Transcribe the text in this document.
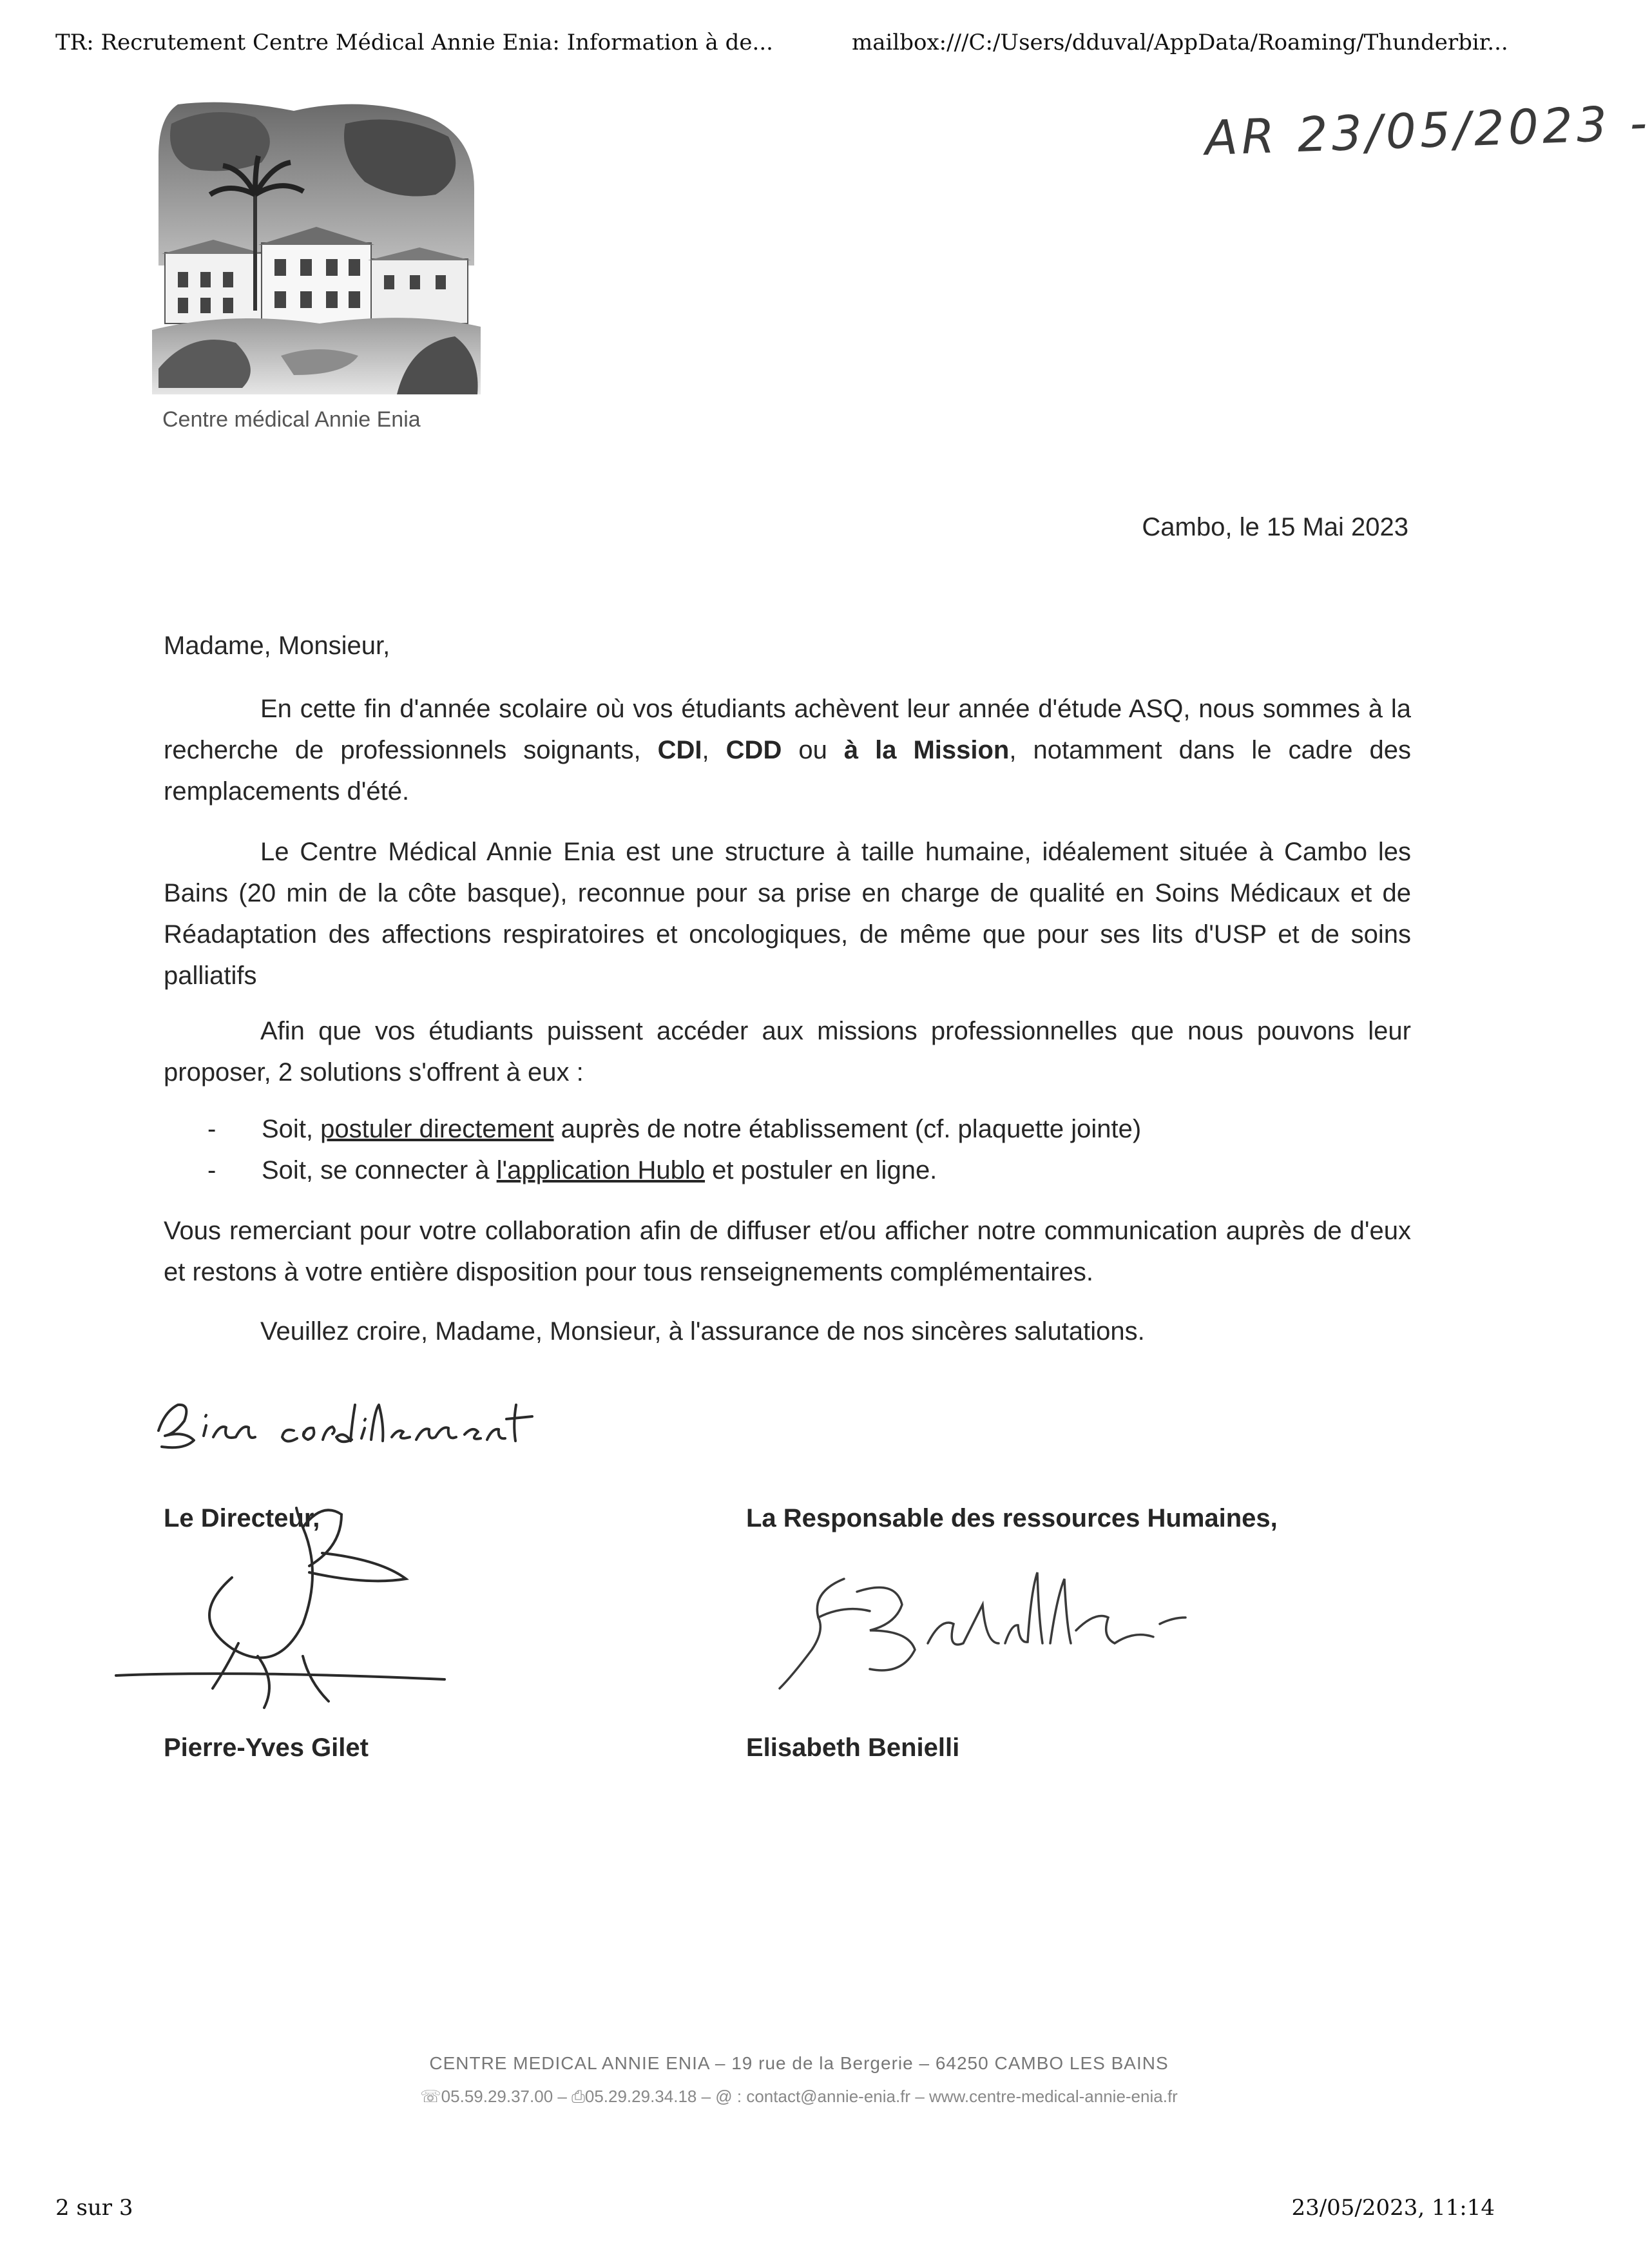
TR: Recrutement Centre Médical Annie Enia: Information à de...	mailbox:///C:/Users/dduval/AppData/Roaming/Thunderbir...
AR 23/05/2023 -
Centre médical Annie Enia
Cambo, le 15 Mai 2023
Madame, Monsieur,
En cette fin d'année scolaire où vos étudiants achèvent leur année d'étude ASQ, nous sommes à la recherche de professionnels soignants, CDI, CDD ou à la Mission, notamment dans le cadre des remplacements d'été.
Le Centre Médical Annie Enia est une structure à taille humaine, idéalement située à Cambo les Bains (20 min de la côte basque), reconnue pour sa prise en charge de qualité en Soins Médicaux et de Réadaptation des affections respiratoires et oncologiques, de même que pour ses lits d'USP et de soins palliatifs
Afin que vos étudiants puissent accéder aux missions professionnelles que nous pouvons leur proposer, 2 solutions s'offrent à eux :
- Soit, postuler directement auprès de notre établissement (cf. plaquette jointe)
- Soit, se connecter à l'application Hublo et postuler en ligne.
Vous remerciant pour votre collaboration afin de diffuser et/ou afficher notre communication auprès de d'eux et restons à votre entière disposition pour tous renseignements complémentaires.
Veuillez croire, Madame, Monsieur, à l'assurance de nos sincères salutations.
Le Directeur,	La Responsable des ressources Humaines,
Pierre-Yves Gilet	Elisabeth Benielli
CENTRE MEDICAL ANNIE ENIA – 19 rue de la Bergerie – 64250 CAMBO LES BAINS
☏05.59.29.37.00 – ⎙05.29.29.34.18 – @ : contact@annie-enia.fr – www.centre-medical-annie-enia.fr
2 sur 3	23/05/2023, 11:14
